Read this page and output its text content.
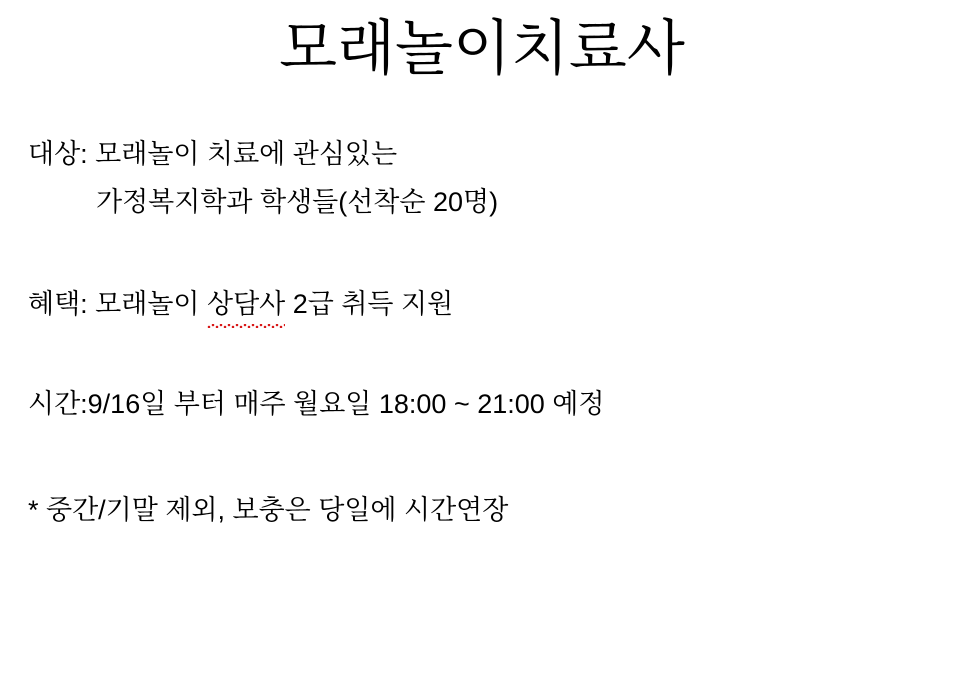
모래놀이치료사
대상: 모래놀이 치료에 관심있는
가정복지학과 학생들(선착순 20명)
혜택: 모래놀이 상담사 2급 취득 지원
시간:9/16일 부터 매주 월요일 18:00 ~ 21:00 예정
* 중간/기말 제외, 보충은 당일에 시간연장
